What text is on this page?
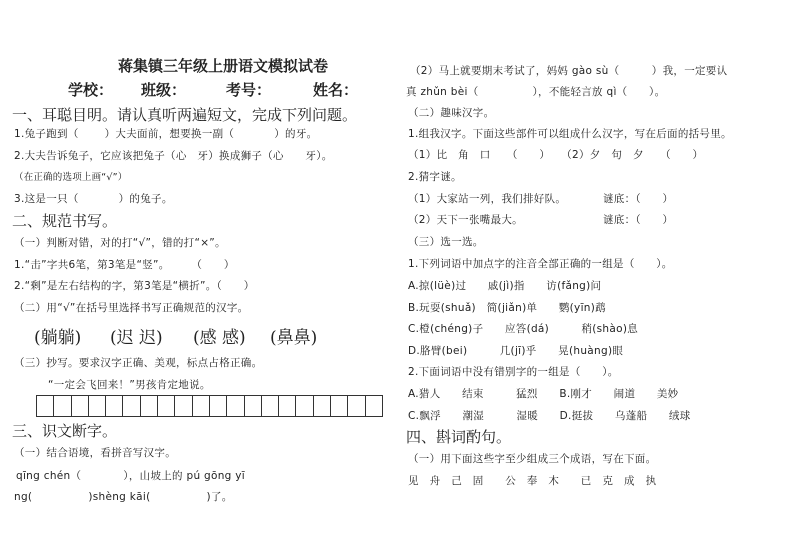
蒋集镇三年级上册语文模拟试卷
学校： 班级：	考号：	姓名：
一、耳聪目明。请认真听两遍短文，完成下列问题。
1.兔子跑到（ ）大夫面前，想要换一副（	）的牙。
2.大夫告诉兔子，它应该把兔子（心　牙）换成狮子（心　　牙）。
（在正确的选项上画“√”）
3.这是一只（	）的兔子。
二、规范书写。
（一）判断对错，对的打“√”，错的打“×”。
1.“击”字共6笔，第3笔是“竖”。　　　（　　）
2.“剩”是左右结构的字，第3笔是“横折”。（　　）
（二）用“√”在括号里选择书写正确规范的汉字。
(躺躺) (迟 迟) (感 感) (鼻鼻)
（三）抄写。要求汉字正确、美观，标点占格正确。
“一定会飞回来！”男孩肯定地说。
三、识文断字。
（一）结合语境，看拼音写汉字。
qīng chén（	），山坡上的 pú gōng yī
ng(	)shèng kāi(	)了。
（2）马上就要期末考试了，妈妈 gào sù（　　　）我，一定要认
真 zhǔn bèi（　　　　　），不能轻言放 qì（　　）。
（二）趣味汉字。
1.组我汉字。下面这些部件可以组成什么汉字，写在后面的括号里。
（1）比　角　口　　（　　）　　（2）夕　句　夕　　（　　）
2.猜字谜。
（1）大家站一列，我们排好队。	谜底：（　　）
（2）天下一张嘴最大。	谜底：（　　）
（三）选一选。
1.下列词语中加点字的注音全部正确的一组是（　　）。
A.掠(lüè)过　　戚(jì)指　　访(fǎng)问
B.玩耍(shuǎ)　简(jiǎn)单　　鹦(yīn)鹉
C.橙(chéng)子　　应答(dá)　　　稍(shào)息
D.胳臂(bei)　　　几(jī)乎　　晃(huàng)眼
2.下面词语中没有错别字的一组是（　　）。
A.猎人　　结束　　　猛烈　　B.刚才　　闹道　　美妙
C.飘浮　　潮湿　　　湿暖　　D.挺拔　　乌蓬船　　绒球
四、斟词酌句。
（一）用下面这些字至少组成三个成语，写在下面。
见　舟　己　固　　公　奉　木　　已　克　成　执
